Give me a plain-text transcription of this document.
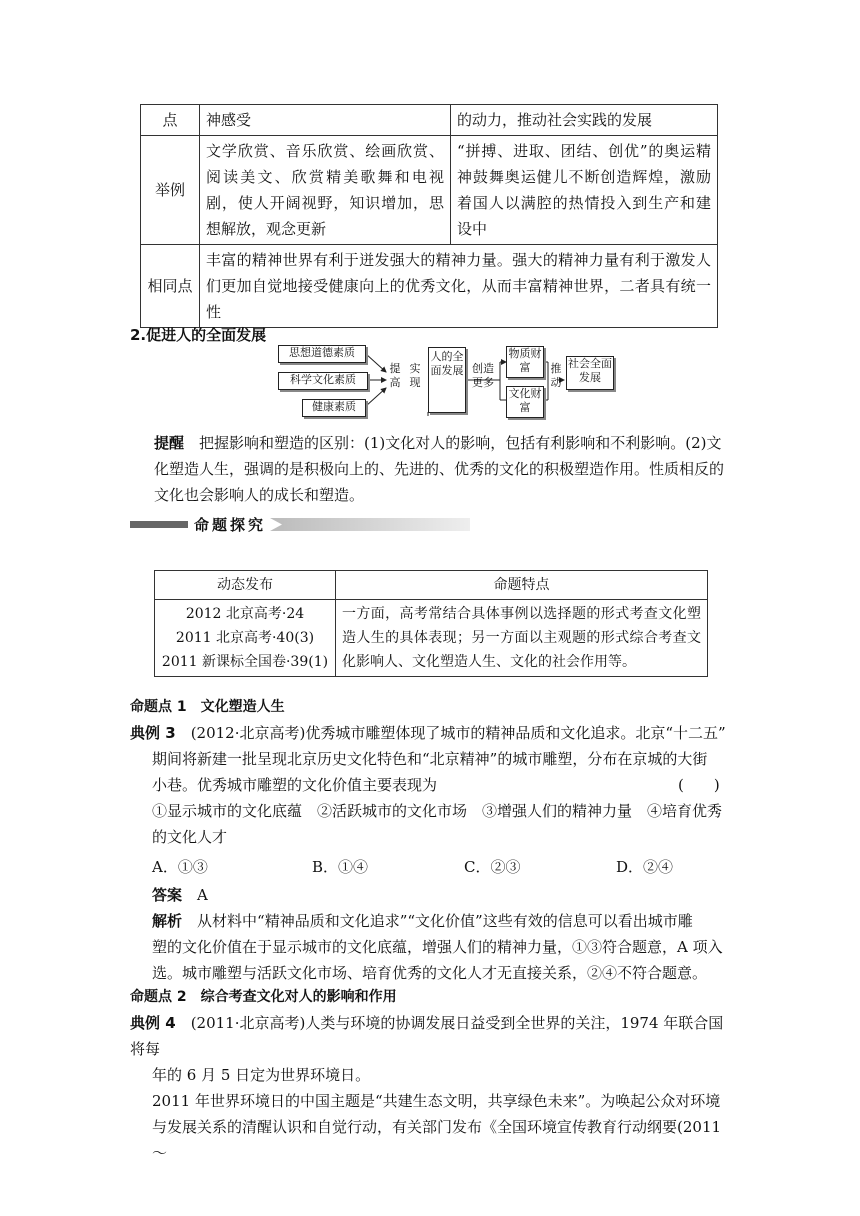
点	神感受	的动力，推动社会实践的发展
举例	文学欣赏、音乐欣赏、绘画欣赏、阅读美文、欣赏精美歌舞和电视剧，使人开阔视野，知识增加，思想解放，观念更新	“拼搏、进取、团结、创优”的奥运精神鼓舞奥运健儿不断创造辉煌，激励着国人以满腔的热情投入到生产和建设中
相同点	丰富的精神世界有利于迸发强大的精神力量。强大的精神力量有利于激发人们更加自觉地接受健康向上的优秀文化，从而丰富精神世界，二者具有统一性	
2.促进人的全面发展
思想道德素质
科学文化素质
健康素质
提高
实现
人的全面发展 创造更多
物质财富
文化财富
推动
社会全面发展
提醒　 把握影响和塑造的区别：(1)文化对人的影响，包括有利影响和不利影响。(2)文化塑造人生，强调的是积极向上的、先进的、优秀的文化的积极塑造作用。性质相反的文化也会影响人的成长和塑造。
命题探究
动态发布	命题特点

2012 北京高考·24
2011 北京高考·40(3)
2011 新课标全国卷·39(1)	一方面，高考常结合具体事例以选择题的形式考查文化塑造人生的具体表现；另一方面以主观题的形式综合考查文化影响人、文化塑造人生、文化的社会作用等。
命题点 1　文化塑造人生
典例 3　 (2012·北京高考)优秀城市雕塑体现了城市的精神品质和文化追求。北京“十二五”
期间将新建一批呈现北京历史文化特色和“北京精神”的城市雕塑，分布在京城的大街
小巷。优秀城市雕塑的文化价值主要表现为	(　　)
①显示城市的文化底蕴　②活跃城市的文化市场　③增强人们的精神力量　④培育优秀
的文化人才
A．①③	B．①④	C．②③	D．②④
答案　 A
解析　 从材料中“精神品质和文化追求”“文化价值”这些有效的信息可以看出城市雕
塑的文化价值在于显示城市的文化底蕴，增强人们的精神力量，①③符合题意，A 项入
选。城市雕塑与活跃文化市场、培育优秀的文化人才无直接关系，②④不符合题意。
命题点 2　综合考查文化对人的影响和作用
典例 4　 (2011·北京高考)人类与环境的协调发展日益受到全世界的关注，1974 年联合国将每
年的 6 月 5 日定为世界环境日。
2011 年世界环境日的中国主题是“共建生态文明，共享绿色未来”。为唤起公众对环境
与发展关系的清醒认识和自觉行动，有关部门发布《全国环境宣传教育行动纲要(2011～
